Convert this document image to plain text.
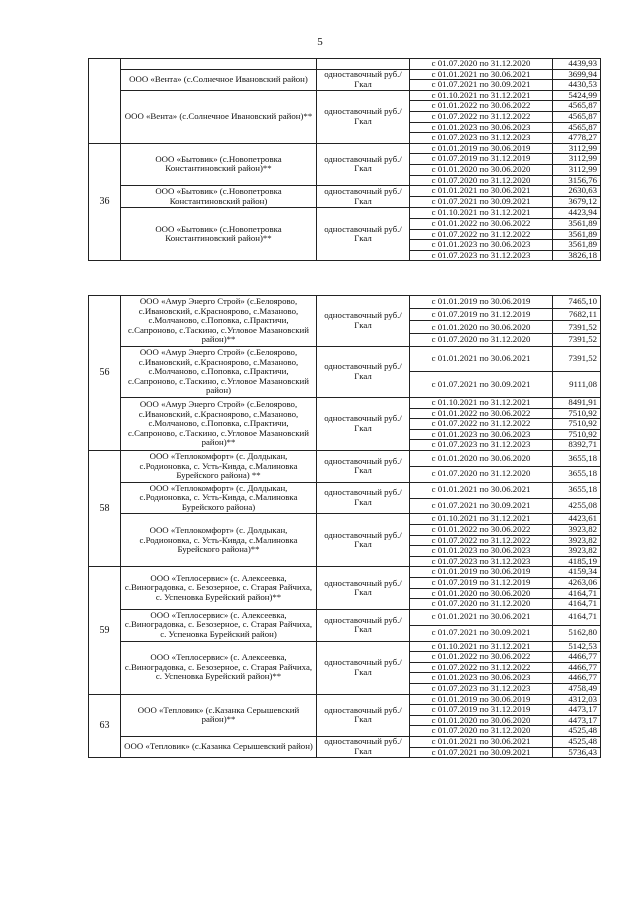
5
			с 01.07.2020 по 31.12.2020	4439,93
	ООО «Вента» (с.Солнечное Ивановский район)	одноставочный руб./Гкал	с 01.01.2021 по 30.06.2021	3699,94
			с 01.07.2021 по 30.09.2021	4430,53
	ООО «Вента» (с.Солнечное Ивановский район)**	одноставочный руб./Гкал	с 01.10.2021 по 31.12.2021	5424,99
			с 01.01.2022 по 30.06.2022	4565,87
			с 01.07.2022 по 31.12.2022	4565,87
			с 01.01.2023 по 30.06.2023	4565,87
			с 01.07.2023 по 31.12.2023	4778,27
36	ООО «Бытовик» (с.Новопетровка Константиновский район)**	одноставочный руб./Гкал	с 01.01.2019 по 30.06.2019	3112,99
			с 01.07.2019 по 31.12.2019	3112,99
			с 01.01.2020 по 30.06.2020	3112,99
			с 01.07.2020 по 31.12.2020	3156,76
	ООО «Бытовик» (с.Новопетровка Константиновский район)	одноставочный руб./Гкал	с 01.01.2021 по 30.06.2021	2630,63
			с 01.07.2021 по 30.09.2021	3679,12
	ООО «Бытовик» (с.Новопетровка Константиновский район)**	одноставочный руб./Гкал	с 01.10.2021 по 31.12.2021	4423,94
			с 01.01.2022 по 30.06.2022	3561,89
			с 01.07.2022 по 31.12.2022	3561,89
			с 01.01.2023 по 30.06.2023	3561,89
			с 01.07.2023 по 31.12.2023	3826,18
56	ООО «Амур Энерго Строй» (с.Белоярово, с.Ивановский, с.Красноярово, с.Мазаново, с.Молчаново, с.Поповка, с.Практичи, с.Сапроново, с.Таскино, с.Угловое Мазановский район)**	одноставочный руб./Гкал	с 01.01.2019 по 30.06.2019	7465,10
			с 01.07.2019 по 31.12.2019	7682,11
			с 01.01.2020 по 30.06.2020	7391,52
			с 01.07.2020 по 31.12.2020	7391,52
	ООО «Амур Энерго Строй» (с.Белоярово, с.Ивановский, с.Красноярово, с.Мазаново, с.Молчаново, с.Поповка, с.Практичи, с.Сапроново, с.Таскино, с.Угловое Мазановский район)	одноставочный руб./Гкал	с 01.01.2021 по 30.06.2021	7391,52
			с 01.07.2021 по 30.09.2021	9111,08
	ООО «Амур Энерго Строй» (с.Белоярово, с.Ивановский, с.Красноярово, с.Мазаново, с.Молчаново, с.Поповка, с.Практичи, с.Сапроново, с.Таскино, с.Угловое Мазановский район)**	одноставочный руб./Гкал	с 01.10.2021 по 31.12.2021	8491,91
			с 01.01.2022 по 30.06.2022	7510,92
			с 01.07.2022 по 31.12.2022	7510,92
			с 01.01.2023 по 30.06.2023	7510,92
			с 01.07.2023 по 31.12.2023	8392,71
58	ООО «Теплокомфорт» (с. Долдыкан, с.Родионовка, с. Усть-Кивда, с.Малиновка Бурейского района) **	одноставочный руб./Гкал	с 01.01.2020 по 30.06.2020	3655,18
			с 01.07.2020 по 31.12.2020	3655,18
	ООО «Теплокомфорт» (с. Долдыкан, с.Родионовка, с. Усть-Кивда, с.Малиновка Бурейского района)	одноставочный руб./Гкал	с 01.01.2021 по 30.06.2021	3655,18
			с 01.07.2021 по 30.09.2021	4255,08
	ООО «Теплокомфорт» (с. Долдыкан, с.Родионовка, с. Усть-Кивда, с.Малиновка Бурейского района)**	одноставочный руб./Гкал	с 01.10.2021 по 31.12.2021	4423,61
			с 01.01.2022 по 30.06.2022	3923,82
			с 01.07.2022 по 31.12.2022	3923,82
			с 01.01.2023 по 30.06.2023	3923,82
			с 01.07.2023 по 31.12.2023	4185,19
59	ООО «Теплосервис» (с. Алексеевка, с.Виноградовка, с. Безозерное, с. Старая Райчиха, с. Успеновка Бурейский район)**	одноставочный руб./Гкал	с 01.01.2019 по 30.06.2019	4159,34
			с 01.07.2019 по 31.12.2019	4263,06
			с 01.01.2020 по 30.06.2020	4164,71
			с 01.07.2020 по 31.12.2020	4164,71
	ООО «Теплосервис» (с. Алексеевка, с.Виноградовка, с. Безозерное, с. Старая Райчиха, с. Успеновка Бурейский район)	одноставочный руб./Гкал	с 01.01.2021 по 30.06.2021	4164,71
			с 01.07.2021 по 30.09.2021	5162,80
	ООО «Теплосервис» (с. Алексеевка, с.Виноградовка, с. Безозерное, с. Старая Райчиха, с. Успеновка Бурейский район)**	одноставочный руб./Гкал	с 01.10.2021 по 31.12.2021	5142,53
			с 01.01.2022 по 30.06.2022	4466,77
			с 01.07.2022 по 31.12.2022	4466,77
			с 01.01.2023 по 30.06.2023	4466,77
			с 01.07.2023 по 31.12.2023	4758,49
63	ООО «Тепловик» (с.Казанка Серышевский район)**	одноставочный руб./Гкал	с 01.01.2019 по 30.06.2019	4312,03
			с 01.07.2019 по 31.12.2019	4473,17
			с 01.01.2020 по 30.06.2020	4473,17
			с 01.07.2020 по 31.12.2020	4525,48
	ООО «Тепловик» (с.Казанка Серышевский район)	одноставочный руб./Гкал	с 01.01.2021 по 30.06.2021	4525,48
			с 01.07.2021 по 30.09.2021	5736,43
